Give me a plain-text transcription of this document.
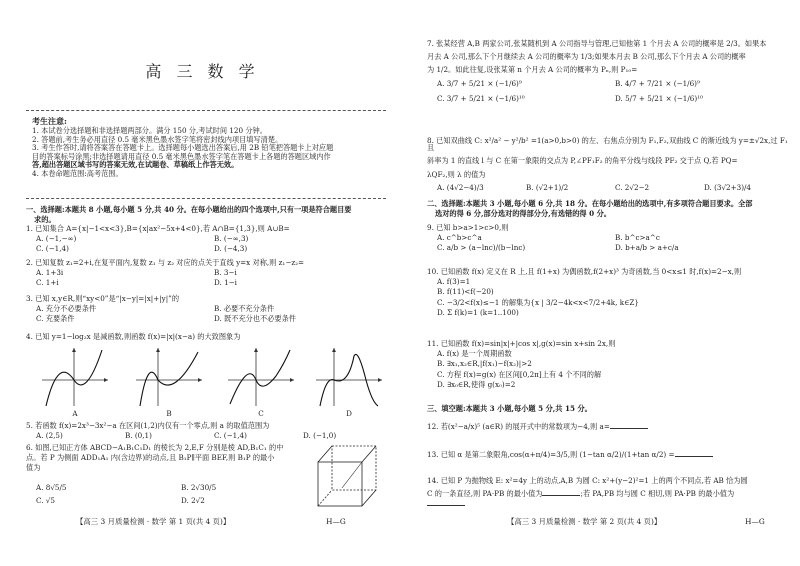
高 三 数 学
考生注意:
1. 本试卷分选择题和非选择题两部分。满分 150 分,考试时间 120 分钟。
2. 答题前,考生务必用直径 0.5 毫米黑色墨水签字笔将密封线内项目填写清楚。
3. 考生作答时,请将答案答在答题卡上。选择题每小题选出答案后,用 2B 铅笔把答题卡上对应题
目的答案标号涂黑;非选择题请用直径 0.5 毫米黑色墨水签字笔在答题卡上各题的答题区域内作
答,超出答题区域书写的答案无效,在试题卷、草稿纸上作答无效。
4. 本卷命题范围:高考范围。
一、选择题:本题共 8 小题,每小题 5 分,共 40 分。在每小题给出的四个选项中,只有一项是符合题目要
求的。
1. 已知集合 A={x|−1<x<3},B={x|ax²−5x+4<0},若 A∩B={1,3},则 A∪B=
A. (−1,−∞)	B. (−∞,3)
C. (−1,4)	D. (−4,3)
2. 已知复数 z₁=2+i,在复平面内,复数 z₁ 与 z₂ 对应的点关于直线 y=x 对称,则 z₁−z₂=
A. 1+3i	B. 3−i
C. 1+i	D. 1−i
3. 已知 x,y∈R,则“xy<0”是“|x−y|=|x|+|y|”的
A. 充分不必要条件	B. 必要不充分条件
C. 充要条件	D. 既不充分也不必要条件
4. 已知 y=1−log₂x 是减函数,则函数 f(x)=|x|(x−a) 的大致图象为
A	B	C	D
5. 若函数 f(x)=2x³−3x²−a 在区间(1,2)内仅有一个零点,则 a 的取值范围为
A. (2,5)	B. (0,1)	C. (−1,4)	D. (−1,0)
6. 如图,已知正方体 ABCD−A₁B₁C₁D₁ 的棱长为 2,E,F 分别是棱 AD,B₁C₁ 的中
点。若 P 为侧面 ADD₁A₁ 内(含边界)的动点,且 B₁P∥平面 BEF,则 B₁P 的最小
值为
A. 8√5/5	B. 2√30/5
C. √5	D. 2√2
【高三 3 月质量检测 · 数学 第 1 页(共 4 页)】	H—G
7. 张某经营 A,B 两家公司,张某随机到 A 公司指导与管理,已知他第 1 个月去 A 公司的概率是 2/3。如果本
月去 A 公司,那么下个月继续去 A 公司的概率为 1/3;如果本月去 B 公司,那么下个月去 A 公司的概率
为 1/2。如此往复,设张某第 n 个月去 A 公司的概率为 Pₙ,则 P₁₀=
A. 3/7 + 5/21 × (−1/6)⁹	B. 4/7 + 7/21 × (−1/6)⁹
C. 3/7 + 5/21 × (−1/6)¹⁰	D. 5/7 + 5/21 × (−1/6)¹⁰
8. 已知双曲线 C: x²/a² − y²/b² =1(a>0,b>0) 的左、右焦点分别为 F₁,F₂,双曲线 C 的渐近线为 y=±√2x,过 F₁ 且
斜率为 1 的直线 l 与 C 在第一象限的交点为 P,∠PF₁F₂ 的角平分线与线段 PF₂ 交于点 Q,若 PQ=
λQF₂,则 λ 的值为
A. (4√2−4)/3	B. (√2+1)/2	C. 2√2−2	D. (3√2+3)/4
二、选择题:本题共 3 小题,每小题 6 分,共 18 分。在每小题给出的选项中,有多项符合题目要求。全部
选对的得 6 分,部分选对的得部分分,有选错的得 0 分。
9. 已知 b>a>1>c>0,则
A. c^b>c^a	B. b^c>a^c
C. a/b > (a−lnc)/(b−lnc)	D. b+a/b > a+c/a
10. 已知函数 f(x) 定义在 R 上,且 f(1+x) 为偶函数,f(2+x)³ 为奇函数,当 0<x≤1 时,f(x)=2−x,则
A. f(3)=1
B. f(11)<f(−20)
C. −3/2<f(x)≤−1 的解集为{x | 3/2−4k<x<7/2+4k, k∈Z}
D. Σ f(k)=1 (k=1..100)
11. 已知函数 f(x)=sin|x|+|cos x|,g(x)=sin x+sin 2x,则
A. f(x) 是一个周期函数
B. ∃x₁,x₂∈R,|f(x₁)−f(x₂)|>2
C. 方程 f(x)=g(x) 在区间[0,2π]上有 4 个不同的解
D. ∃x₀∈R,使得 g(x₀)=2
三、填空题:本题共 3 小题,每小题 5 分,共 15 分。
12. 若(x²−a/x)⁵ (a∈R) 的展开式中的常数项为−4,则 a=
13. 已知 α 是第二象限角,cos(α+π/4)=3/5,则 (1−tan α/2)/(1+tan α/2) =
14. 已知 P 为抛物线 E: x²=4y 上的动点,A,B 为圆 C: x²+(y−2)²=1 上的两个不同点,若 AB 恰为圆
C 的一条直径,则 PA·PB 的最小值为	;若 PA,PB 均与圆 C 相切,则 PA·PB 的最小值为
【高三 3 月质量检测 · 数学 第 2 页(共 4 页)】	H—G
